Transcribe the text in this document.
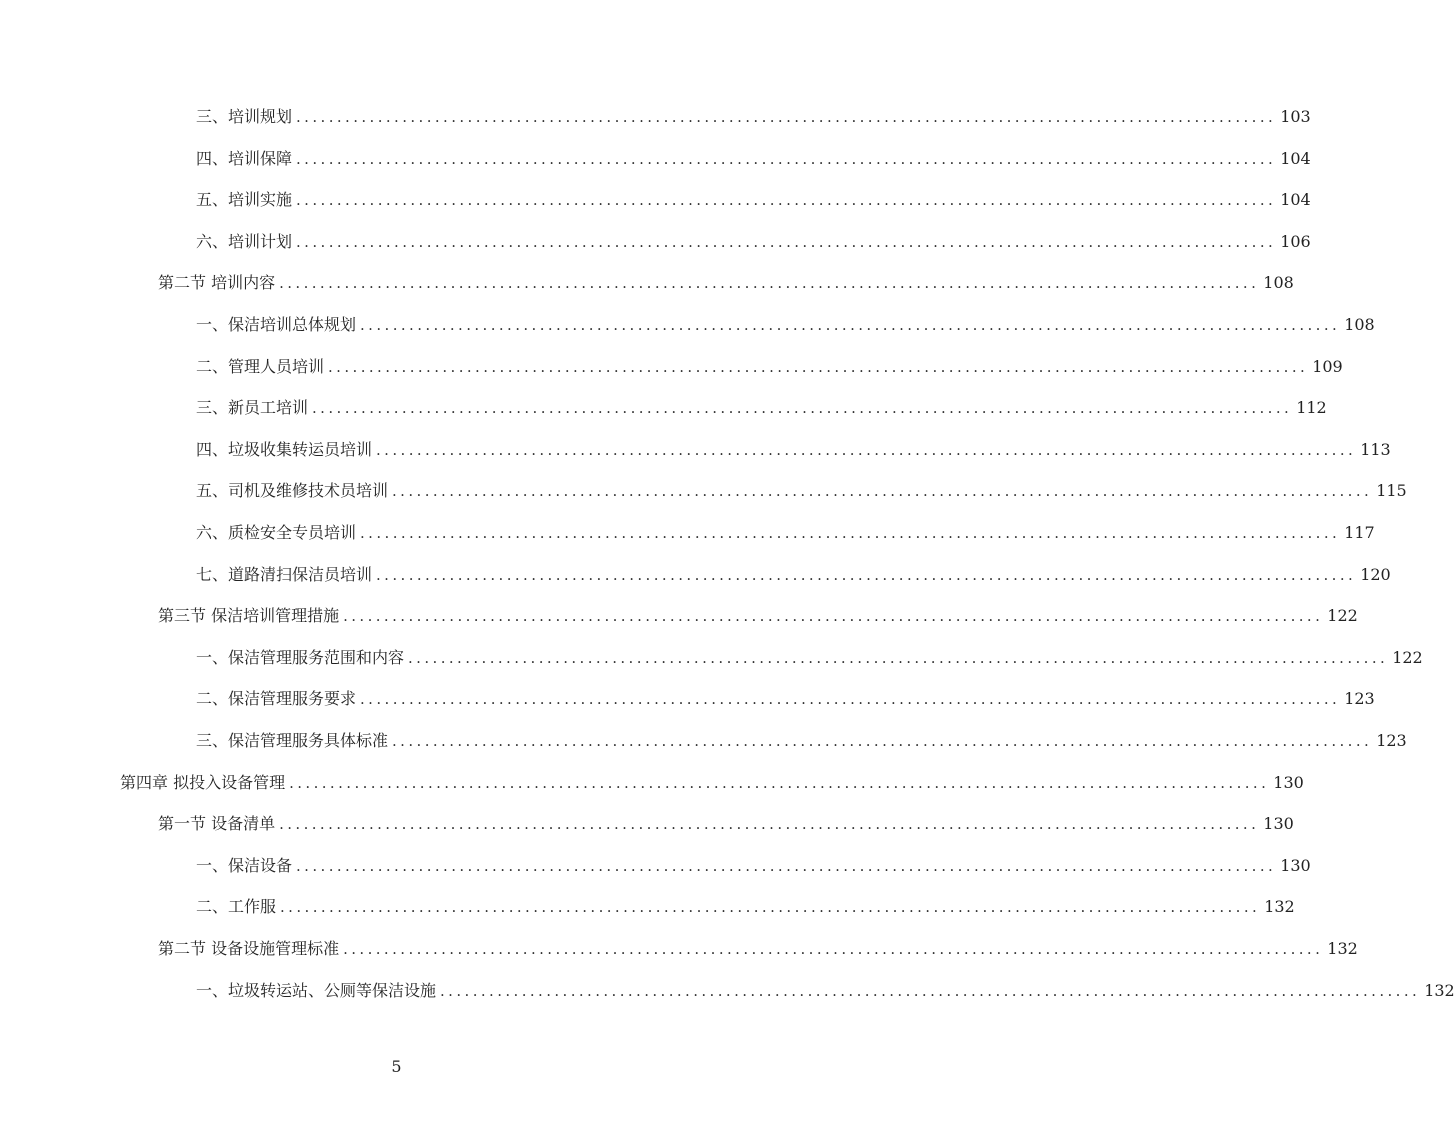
三、培训规划 ........................................................................................................................ 103
四、培训保障 ........................................................................................................................ 104
五、培训实施 ........................................................................................................................ 104
六、培训计划 ........................................................................................................................ 106
第二节 培训内容 ........................................................................................................................ 108
一、保洁培训总体规划 ........................................................................................................................ 108
二、管理人员培训 ........................................................................................................................ 109
三、新员工培训 ........................................................................................................................ 112
四、垃圾收集转运员培训 ........................................................................................................................ 113
五、司机及维修技术员培训 ........................................................................................................................ 115
六、质检安全专员培训 ........................................................................................................................ 117
七、道路清扫保洁员培训 ........................................................................................................................ 120
第三节 保洁培训管理措施 ........................................................................................................................ 122
一、保洁管理服务范围和内容 ........................................................................................................................ 122
二、保洁管理服务要求 ........................................................................................................................ 123
三、保洁管理服务具体标准 ........................................................................................................................ 123
第四章 拟投入设备管理 ........................................................................................................................ 130
第一节 设备清单 ........................................................................................................................ 130
一、保洁设备 ........................................................................................................................ 130
二、工作服 ........................................................................................................................ 132
第二节 设备设施管理标准 ........................................................................................................................ 132
一、垃圾转运站、公厕等保洁设施 ........................................................................................................................ 132
5
